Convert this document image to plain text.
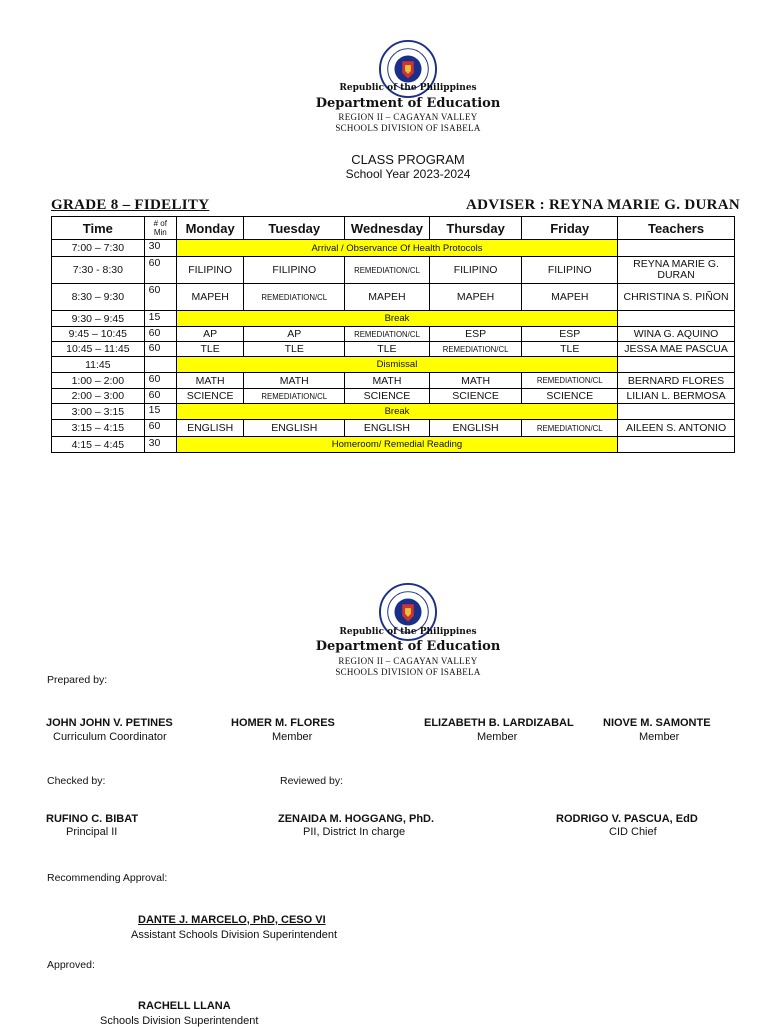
Republic of the Philippines
Department of Education
REGION II – CAGAYAN VALLEY
SCHOOLS DIVISION OF ISABELA
CLASS PROGRAM
School Year 2023-2024
GRADE 8 – FIDELITY	ADVISER : REYNA MARIE G. DURAN
Time	# of Min	Monday	Tuesday	Wednesday	Thursday	Friday	Teachers
7:00 – 7:30	30	Arrival / Observance Of Health Protocols					
7:30 - 8:30	60	FILIPINO	FILIPINO	REMEDIATION/CL	FILIPINO	FILIPINO	REYNA MARIE G. DURAN
8:30 – 9:30	60	MAPEH	REMEDIATION/CL	MAPEH	MAPEH	MAPEH	CHRISTINA S. PIÑON
9:30 – 9:45	15	Break					
9:45 – 10:45	60	AP	AP	REMEDIATION/CL	ESP	ESP	WINA G. AQUINO
10:45 – 11:45	60	TLE	TLE	TLE	REMEDIATION/CL	TLE	JESSA MAE PASCUA
11:45		Dismissal					
1:00 – 2:00	60	MATH	MATH	MATH	MATH	REMEDIATION/CL	BERNARD FLORES
2:00 – 3:00	60	SCIENCE	REMEDIATION/CL	SCIENCE	SCIENCE	SCIENCE	LILIAN L. BERMOSA
3:00 – 3:15	15	Break					
3:15 – 4:15	60	ENGLISH	ENGLISH	ENGLISH	ENGLISH	REMEDIATION/CL	AILEEN S. ANTONIO
4:15 – 4:45	30	Homeroom/ Remedial Reading					
Republic of the Philippines
Department of Education
REGION II – CAGAYAN VALLEY
SCHOOLS DIVISION OF ISABELA
Prepared by:
JOHN JOHN V. PETINES
Curriculum Coordinator
HOMER M. FLORES
Member
ELIZABETH B. LARDIZABAL
Member
NIOVE M. SAMONTE
Member
Checked by:	Reviewed by:
RUFINO C. BIBAT
Principal II
ZENAIDA M. HOGGANG, PhD.
PII, District In charge
RODRIGO V. PASCUA, EdD
CID Chief
Recommending Approval:
DANTE J. MARCELO, PhD, CESO VI
Assistant Schools Division Superintendent
Approved:
RACHELL LLANA
Schools Division Superintendent
